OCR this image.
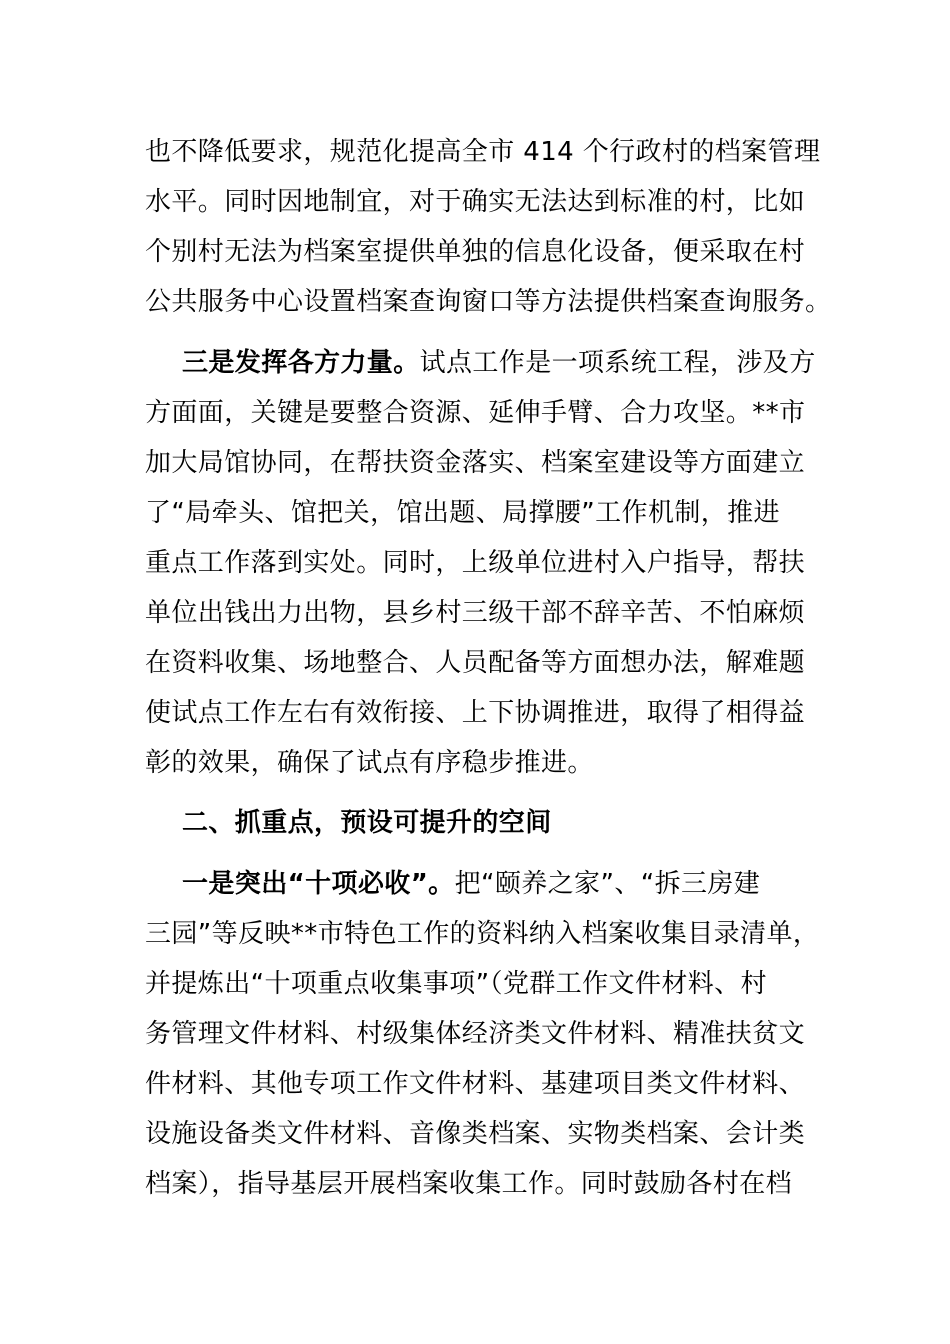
也不降低要求，规范化提高全市 414 个行政村的档案管理
水平。同时因地制宜，对于确实无法达到标准的村，比如
个别村无法为档案室提供单独的信息化设备，便采取在村
公共服务中心设置档案查询窗口等方法提供档案查询服务。
三是发挥各方力量。试点工作是一项系统工程，涉及方
方面面，关键是要整合资源、延伸手臂、合力攻坚。**市
加大局馆协同，在帮扶资金落实、档案室建设等方面建立
了“局牵头、馆把关，馆出题、局撑腰”工作机制，推进
重点工作落到实处。同时，上级单位进村入户指导，帮扶
单位出钱出力出物，县乡村三级干部不辞辛苦、不怕麻烦
在资料收集、场地整合、人员配备等方面想办法，解难题
使试点工作左右有效衔接、上下协调推进，取得了相得益
彰的效果，确保了试点有序稳步推进。
二、抓重点，预设可提升的空间
一是突出“十项必收”。把“颐养之家”、“拆三房建
三园”等反映**市特色工作的资料纳入档案收集目录清单，
并提炼出“十项重点收集事项”（党群工作文件材料、村
务管理文件材料、村级集体经济类文件材料、精准扶贫文
件材料、其他专项工作文件材料、基建项目类文件材料、
设施设备类文件材料、音像类档案、实物类档案、会计类
档案），指导基层开展档案收集工作。同时鼓励各村在档
